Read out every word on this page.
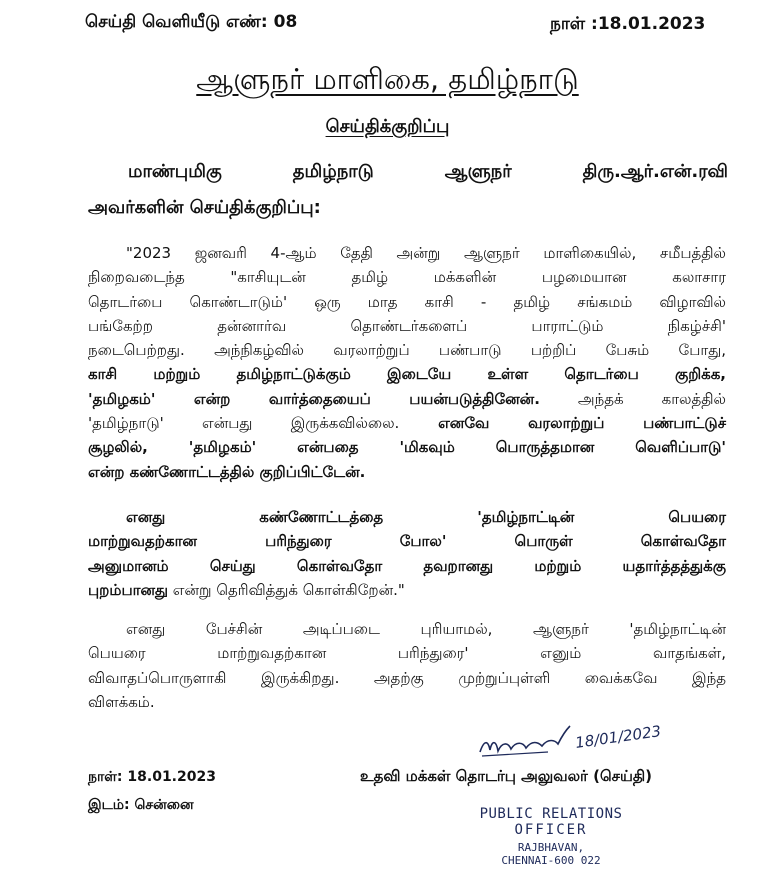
செய்தி வெளியீடு எண்: 08	நாள் :18.01.2023
ஆளுநர் மாளிகை, தமிழ்நாடு
செய்திக்குறிப்பு
மாண்புமிகு தமிழ்நாடு ஆளுநர் திரு.ஆர்.என்.ரவி
அவர்களின் செய்திக்குறிப்பு:
"2023 ஜனவரி 4-ஆம் தேதி அன்று ஆளுநர் மாளிகையில், சமீபத்தில்
நிறைவடைந்த "காசியுடன் தமிழ் மக்களின் பழமையான கலாசார
தொடர்பை கொண்டாடும்' ஒரு மாத காசி - தமிழ் சங்கமம் விழாவில்
பங்கேற்ற தன்னார்வ தொண்டர்களைப் பாராட்டும் நிகழ்ச்சி'
நடைபெற்றது. அந்நிகழ்வில் வரலாற்றுப் பண்பாடு பற்றிப் பேசும் போது,
காசி மற்றும் தமிழ்நாட்டுக்கும் இடையே உள்ள தொடர்பை குறிக்க,
'தமிழகம்' என்ற வார்த்தையைப் பயன்படுத்தினேன். அந்தக் காலத்தில்
'தமிழ்நாடு' என்பது இருக்கவில்லை. எனவே வரலாற்றுப் பண்பாட்டுச்
சூழலில், 'தமிழகம்' என்பதை 'மிகவும் பொருத்தமான வெளிப்பாடு'
என்ற கண்ணோட்டத்தில் குறிப்பிட்டேன்.
எனது கண்ணோட்டத்தை 'தமிழ்நாட்டின் பெயரை
மாற்றுவதற்கான பரிந்துரை போல' பொருள் கொள்வதோ
அனுமானம் செய்து கொள்வதோ தவறானது மற்றும் யதார்த்தத்துக்கு
புறம்பானது என்று தெரிவித்துக் கொள்கிறேன்."
எனது பேச்சின் அடிப்படை புரியாமல், ஆளுநர் 'தமிழ்நாட்டின்
பெயரை மாற்றுவதற்கான பரிந்துரை' எனும் வாதங்கள்,
விவாதப்பொருளாகி இருக்கிறது. அதற்கு முற்றுப்புள்ளி வைக்கவே இந்த
விளக்கம்.
18/01/2023
நாள்: 18.01.2023
இடம்: சென்னை
உதவி மக்கள் தொடர்பு அலுவலர் (செய்தி)
PUBLIC RELATIONS
OFFICER
RAJBHAVAN,
CHENNAI-600 022
